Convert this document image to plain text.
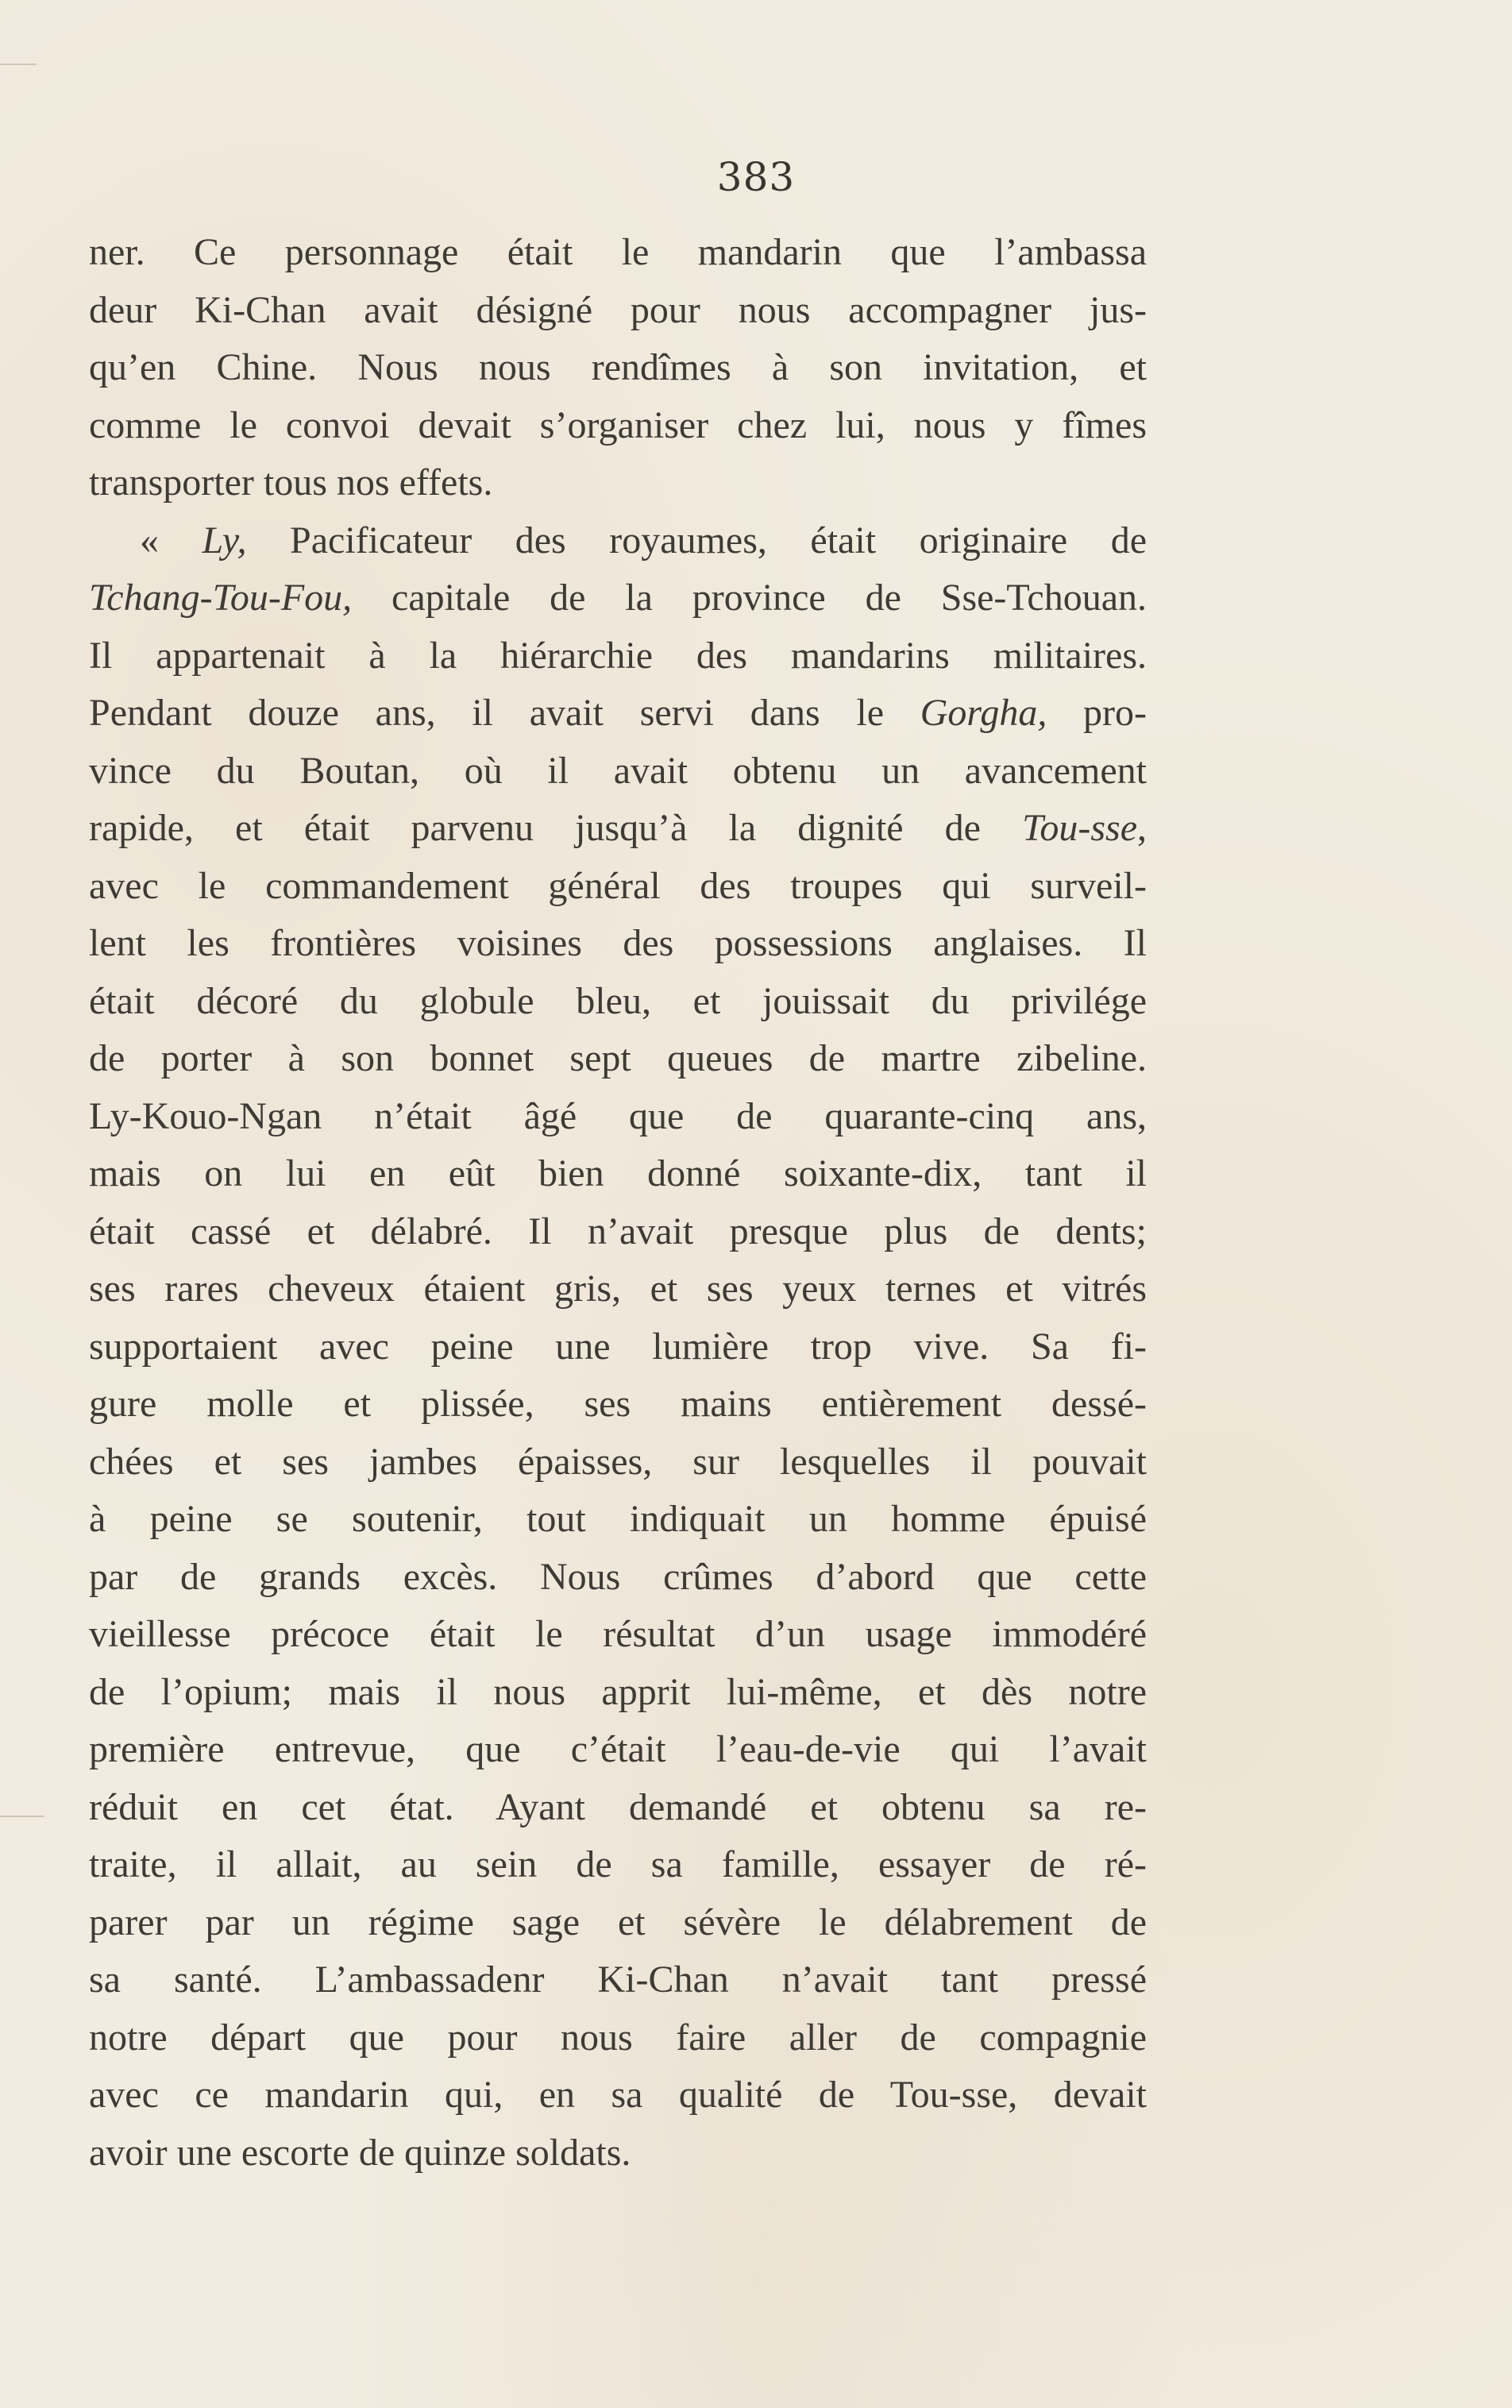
383
ner. Ce personnage était le mandarin que l’ambassa
deur Ki-Chan avait désigné pour nous accompagner jus-
qu’en Chine. Nous nous rendîmes à son invitation, et
comme le convoi devait s’organiser chez lui, nous y fîmes
transporter tous nos effets.
« Ly, Pacificateur des royaumes, était originaire de
Tchang-Tou-Fou, capitale de la province de Sse-Tchouan.
Il appartenait à la hiérarchie des mandarins militaires.
Pendant douze ans, il avait servi dans le Gorgha, pro-
vince du Boutan, où il avait obtenu un avancement
rapide, et était parvenu jusqu’à la dignité de Tou-sse,
avec le commandement général des troupes qui surveil-
lent les frontières voisines des possessions anglaises. Il
était décoré du globule bleu, et jouissait du privilége
de porter à son bonnet sept queues de martre zibeline.
Ly-Kouo-Ngan n’était âgé que de quarante-cinq ans,
mais on lui en eût bien donné soixante-dix, tant il
était cassé et délabré. Il n’avait presque plus de dents;
ses rares cheveux étaient gris, et ses yeux ternes et vitrés
supportaient avec peine une lumière trop vive. Sa fi-
gure molle et plissée, ses mains entièrement dessé-
chées et ses jambes épaisses, sur lesquelles il pouvait
à peine se soutenir, tout indiquait un homme épuisé
par de grands excès. Nous crûmes d’abord que cette
vieillesse précoce était le résultat d’un usage immodéré
de l’opium; mais il nous apprit lui-même, et dès notre
première entrevue, que c’était l’eau-de-vie qui l’avait
réduit en cet état. Ayant demandé et obtenu sa re-
traite, il allait, au sein de sa famille, essayer de ré-
parer par un régime sage et sévère le délabrement de
sa santé. L’ambassadenr Ki-Chan n’avait tant pressé
notre départ que pour nous faire aller de compagnie
avec ce mandarin qui, en sa qualité de Tou-sse, devait
avoir une escorte de quinze soldats.
